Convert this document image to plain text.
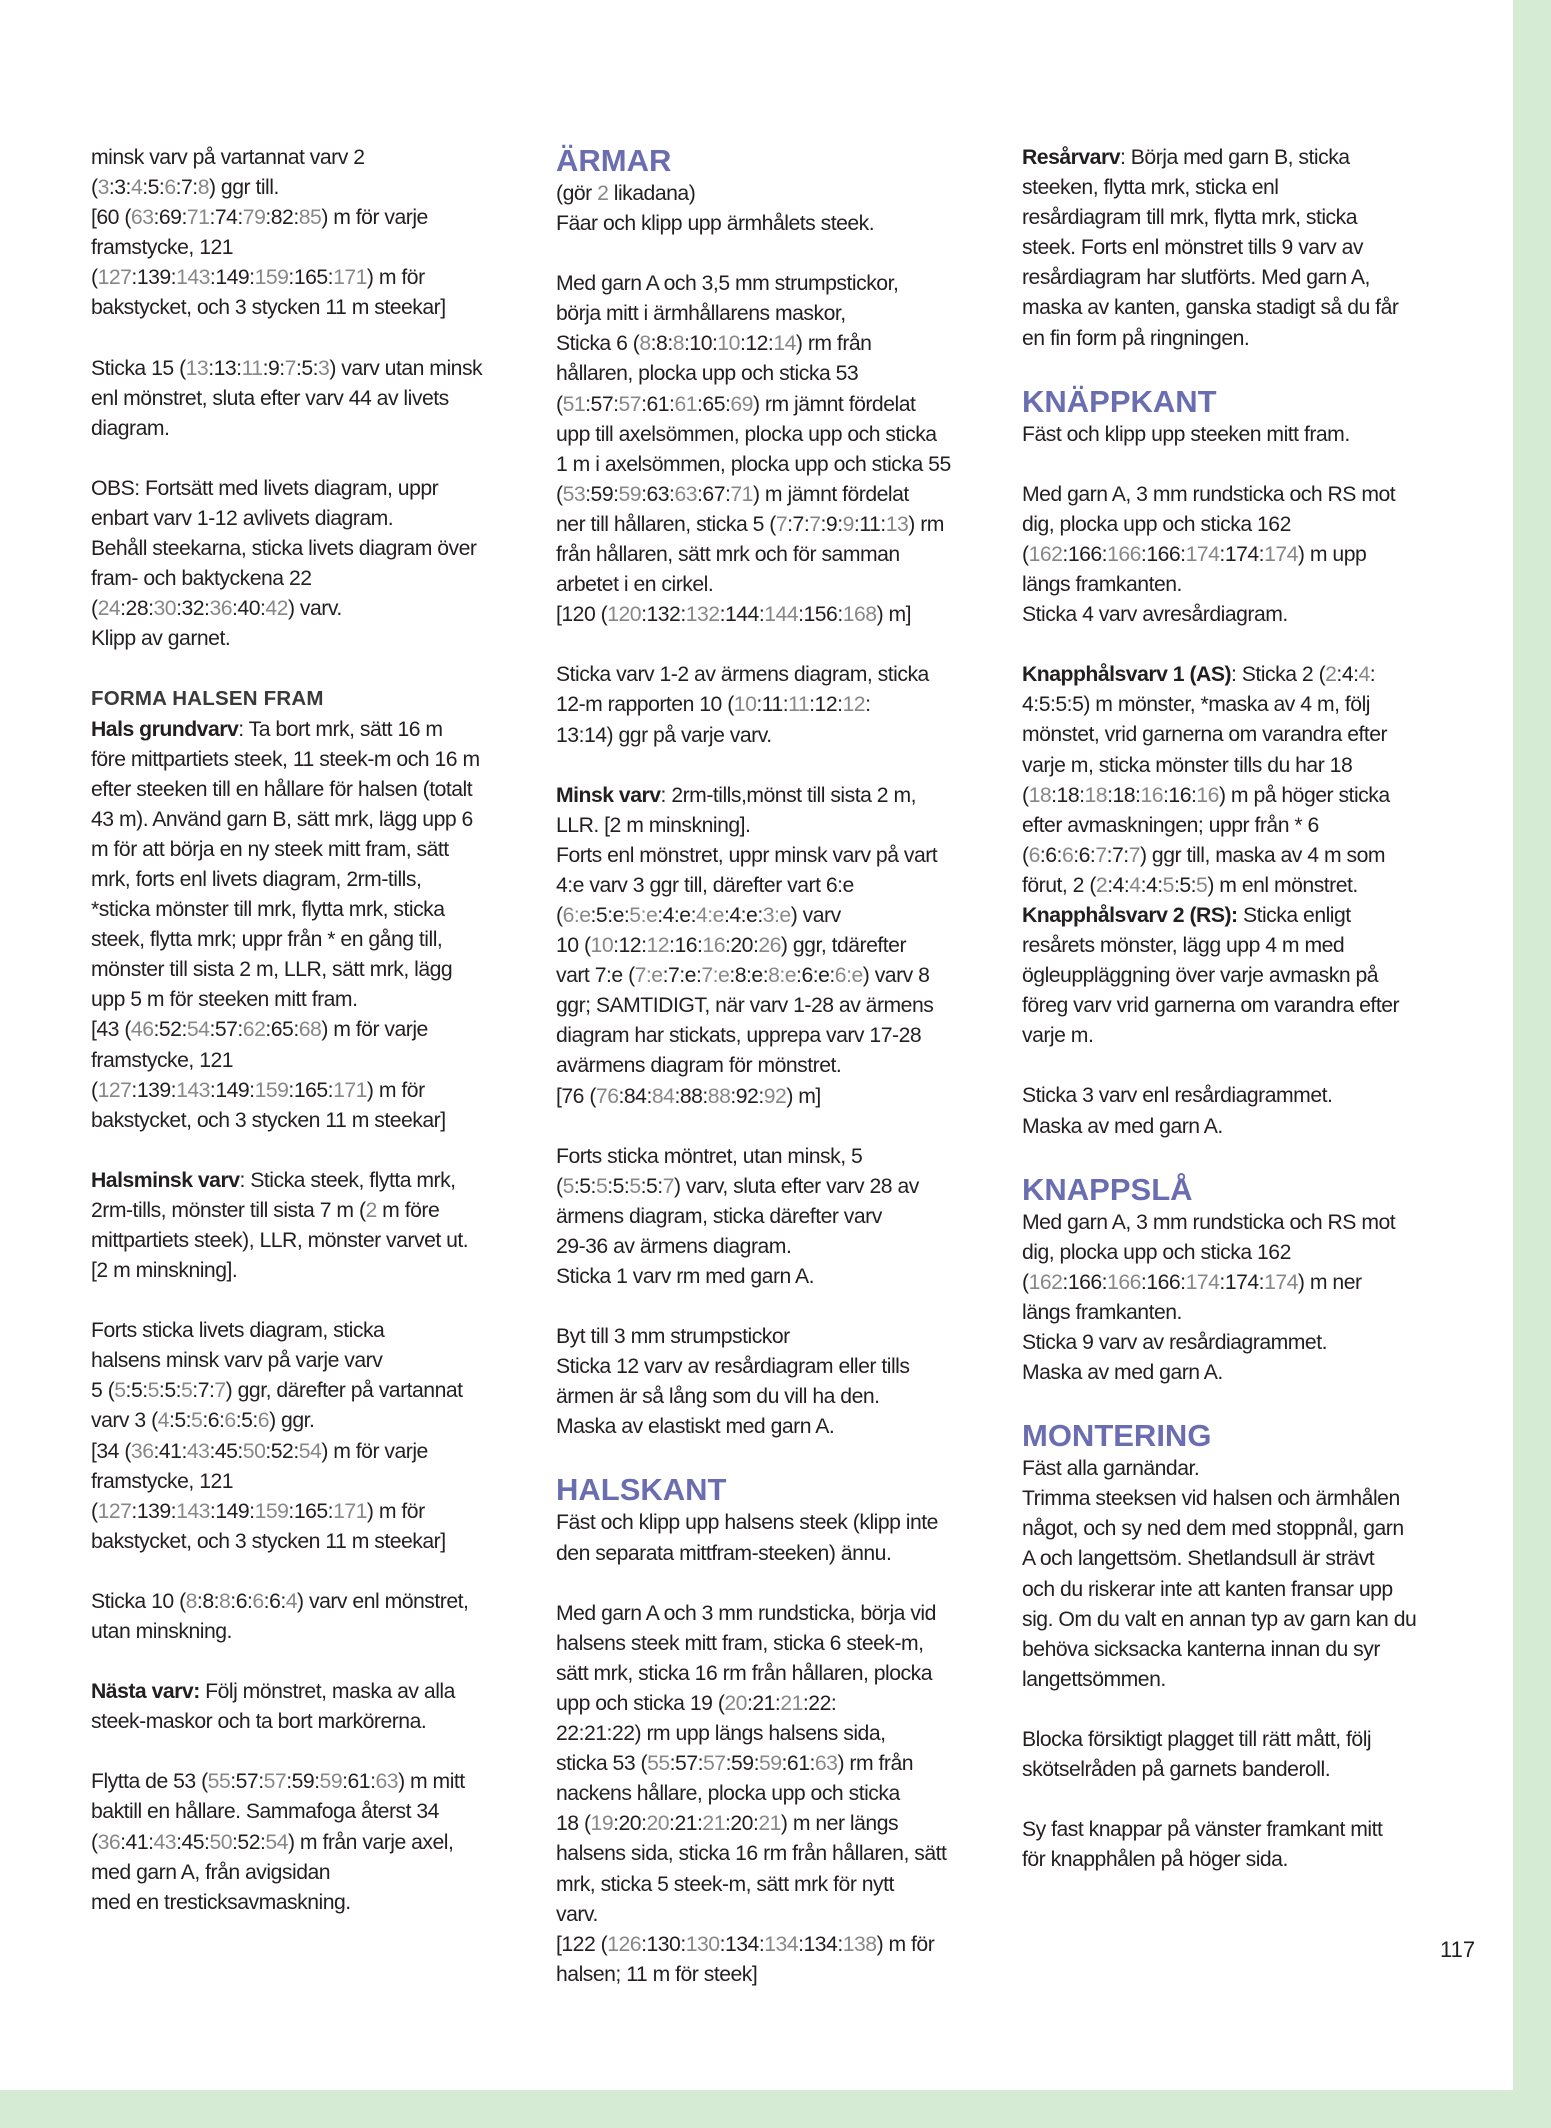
minsk varv på vartannat varv 2
(3:3:4:5:6:7:8) ggr till.
[60 (63:69:71:74:79:82:85) m för varje
framstycke, 121
(127:139:143:149:159:165:171) m för
bakstycket, och 3 stycken 11 m steekar]
Sticka 15 (13:13:11:9:7:5:3) varv utan minsk
enl mönstret, sluta efter varv 44 av livets
diagram.
OBS: Fortsätt med livets diagram, uppr
enbart varv 1-12 avlivets diagram.
Behåll steekarna, sticka livets diagram över
fram- och baktyckena 22
(24:28:30:32:36:40:42) varv.
Klipp av garnet.
FORMA HALSEN FRAM
Hals grundvarv: Ta bort mrk, sätt 16 m
före mittpartiets steek, 11 steek-m och 16 m
efter steeken till en hållare för halsen (totalt
43 m). Använd garn B, sätt mrk, lägg upp 6
m för att börja en ny steek mitt fram, sätt
mrk, forts enl livets diagram, 2rm-tills,
*sticka mönster till mrk, flytta mrk, sticka
steek, flytta mrk; uppr från * en gång till,
mönster till sista 2 m, LLR, sätt mrk, lägg
upp 5 m för steeken mitt fram.
[43 (46:52:54:57:62:65:68) m för varje
framstycke, 121
(127:139:143:149:159:165:171) m för
bakstycket, och 3 stycken 11 m steekar]
Halsminsk varv: Sticka steek, flytta mrk,
2rm-tills, mönster till sista 7 m (2 m före
mittpartiets steek), LLR, mönster varvet ut.
[2 m minskning].
Forts sticka livets diagram, sticka
halsens minsk varv på varje varv
5 (5:5:5:5:5:7:7) ggr, därefter på vartannat
varv 3 (4:5:5:6:6:5:6) ggr.
[34 (36:41:43:45:50:52:54) m för varje
framstycke, 121
(127:139:143:149:159:165:171) m för
bakstycket, och 3 stycken 11 m steekar]
Sticka 10 (8:8:8:6:6:6:4) varv enl mönstret,
utan minskning.
Nästa varv: Följ mönstret, maska av alla
steek-maskor och ta bort markörerna.
Flytta de 53 (55:57:57:59:59:61:63) m mitt
baktill en hållare. Sammafoga återst 34
(36:41:43:45:50:52:54) m från varje axel,
med garn A, från avigsidan
med en tresticksavmaskning.
ÄRMAR
(gör 2 likadana)
Fäar och klipp upp ärmhålets steek.
Med garn A och 3,5 mm strumpstickor,
börja mitt i ärmhållarens maskor,
Sticka 6 (8:8:8:10:10:12:14) rm från
hållaren, plocka upp och sticka 53
(51:57:57:61:61:65:69) rm jämnt fördelat
upp till axelsömmen, plocka upp och sticka
1 m i axelsömmen, plocka upp och sticka 55
(53:59:59:63:63:67:71) m jämnt fördelat
ner till hållaren, sticka 5 (7:7:7:9:9:11:13) rm
från hållaren, sätt mrk och för samman
arbetet i en cirkel.
[120 (120:132:132:144:144:156:168) m]
Sticka varv 1-2 av ärmens diagram, sticka
12-m rapporten 10 (10:11:11:12:12:
13:14) ggr på varje varv.
Minsk varv: 2rm-tills,mönst till sista 2 m,
LLR. [2 m minskning].
Forts enl mönstret, uppr minsk varv på vart
4:e varv 3 ggr till, därefter vart 6:e
(6:e:5:e:5:e:4:e:4:e:4:e:3:e) varv
10 (10:12:12:16:16:20:26) ggr, tdärefter
vart 7:e (7:e:7:e:7:e:8:e:8:e:6:e:6:e) varv 8
ggr; SAMTIDIGT, när varv 1-28 av ärmens
diagram har stickats, upprepa varv 17-28
avärmens diagram för mönstret.
[76 (76:84:84:88:88:92:92) m]
Forts sticka möntret, utan minsk, 5
(5:5:5:5:5:5:7) varv, sluta efter varv 28 av
ärmens diagram, sticka därefter varv
29-36 av ärmens diagram.
Sticka 1 varv rm med garn A.
Byt till 3 mm strumpstickor
Sticka 12 varv av resårdiagram eller tills
ärmen är så lång som du vill ha den.
Maska av elastiskt med garn A.
HALSKANT
Fäst och klipp upp halsens steek (klipp inte
den separata mittfram-steeken) ännu.
Med garn A och 3 mm rundsticka, börja vid
halsens steek mitt fram, sticka 6 steek-m,
sätt mrk, sticka 16 rm från hållaren, plocka
upp och sticka 19 (20:21:21:22:
22:21:22) rm upp längs halsens sida,
sticka 53 (55:57:57:59:59:61:63) rm från
nackens hållare, plocka upp och sticka
18 (19:20:20:21:21:20:21) m ner längs
halsens sida, sticka 16 rm från hållaren, sätt
mrk, sticka 5 steek-m, sätt mrk för nytt
varv.
[122 (126:130:130:134:134:134:138) m för
halsen; 11 m för steek]
Resårvarv: Börja med garn B, sticka
steeken, flytta mrk, sticka enl
resårdiagram till mrk, flytta mrk, sticka
steek. Forts enl mönstret tills 9 varv av
resårdiagram har slutförts. Med garn A,
maska av kanten, ganska stadigt så du får
en fin form på ringningen.
KNÄPPKANT
Fäst och klipp upp steeken mitt fram.
Med garn A, 3 mm rundsticka och RS mot
dig, plocka upp och sticka 162
(162:166:166:166:174:174:174) m upp
längs framkanten.
Sticka 4 varv avresårdiagram.
Knapphålsvarv 1 (AS): Sticka 2 (2:4:4:
4:5:5:5) m mönster, *maska av 4 m, följ
mönstet, vrid garnerna om varandra efter
varje m, sticka mönster tills du har 18
(18:18:18:18:16:16:16) m på höger sticka
efter avmaskningen; uppr från * 6
(6:6:6:6:7:7:7) ggr till, maska av 4 m som
förut, 2 (2:4:4:4:5:5:5) m enl mönstret.
Knapphålsvarv 2 (RS): Sticka enligt
resårets mönster, lägg upp 4 m med
ögleuppläggning över varje avmaskn på
föreg varv vrid garnerna om varandra efter
varje m.
Sticka 3 varv enl resårdiagrammet.
Maska av med garn A.
KNAPPSLÅ
Med garn A, 3 mm rundsticka och RS mot
dig, plocka upp och sticka 162
(162:166:166:166:174:174:174) m ner
längs framkanten.
Sticka 9 varv av resårdiagrammet.
Maska av med garn A.
MONTERING
Fäst alla garnändar.
Trimma steeksen vid halsen och ärmhålen
något, och sy ned dem med stoppnål, garn
A och langettsöm. Shetlandsull är strävt
och du riskerar inte att kanten fransar upp
sig. Om du valt en annan typ av garn kan du
behöva sicksacka kanterna innan du syr
langettsömmen.
Blocka försiktigt plagget till rätt mått, följ
skötselråden på garnets banderoll.
Sy fast knappar på vänster framkant mitt
för knapphålen på höger sida.
117
